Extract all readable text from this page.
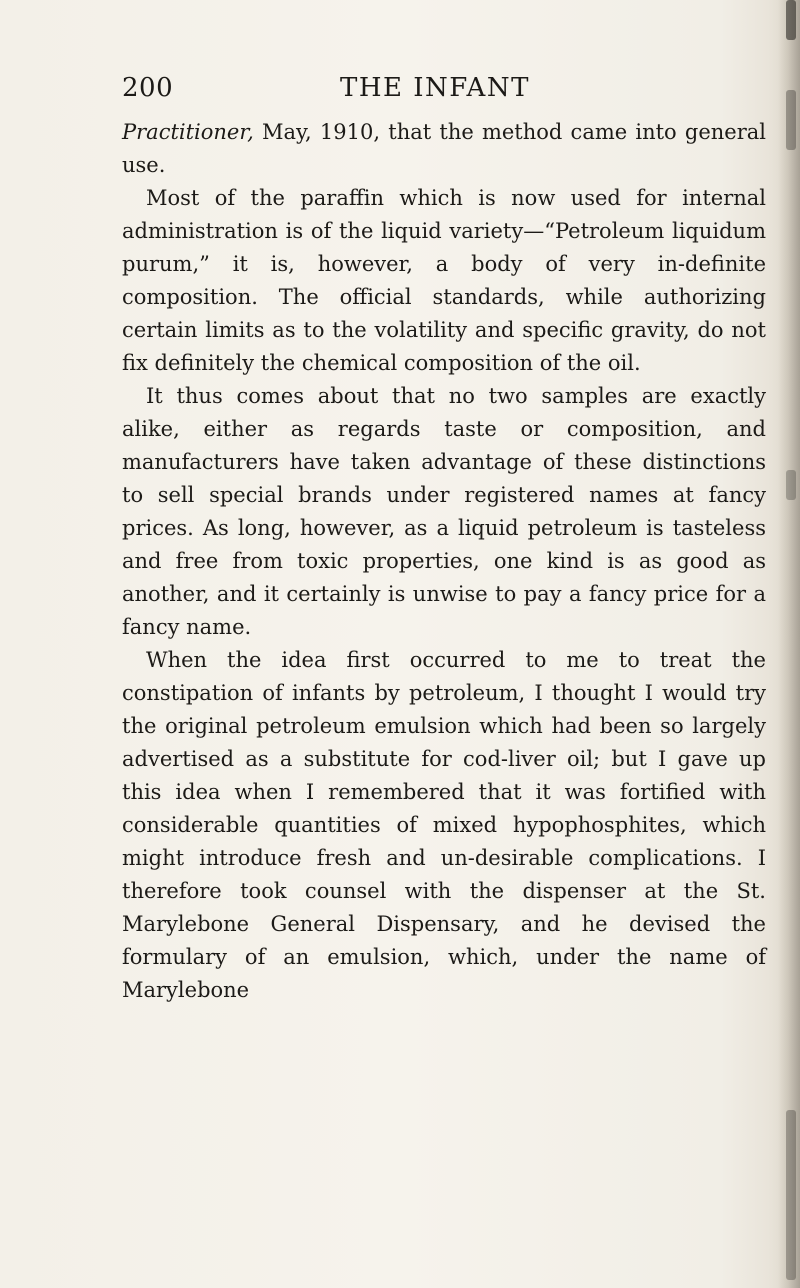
200	THE INFANT

Practitioner, May, 1910, that the method came into general use.

Most of the paraffin which is now used for internal administration is of the liquid variety—“Petroleum liquidum purum,” it is, however, a body of very in-definite composition. The official standards, while authorizing certain limits as to the volatility and specific gravity, do not fix definitely the chemical composition of the oil.

It thus comes about that no two samples are exactly alike, either as regards taste or composition, and manufacturers have taken advantage of these distinctions to sell special brands under registered names at fancy prices. As long, however, as a liquid petroleum is tasteless and free from toxic properties, one kind is as good as another, and it certainly is unwise to pay a fancy price for a fancy name.

When the idea first occurred to me to treat the constipation of infants by petroleum, I thought I would try the original petroleum emulsion which had been so largely advertised as a substitute for cod-liver oil; but I gave up this idea when I remembered that it was fortified with considerable quantities of mixed hypophosphites, which might introduce fresh and un-desirable complications. I therefore took counsel with the dispenser at the St. Marylebone General Dispensary, and he devised the formulary of an emulsion, which, under the name of Marylebone
